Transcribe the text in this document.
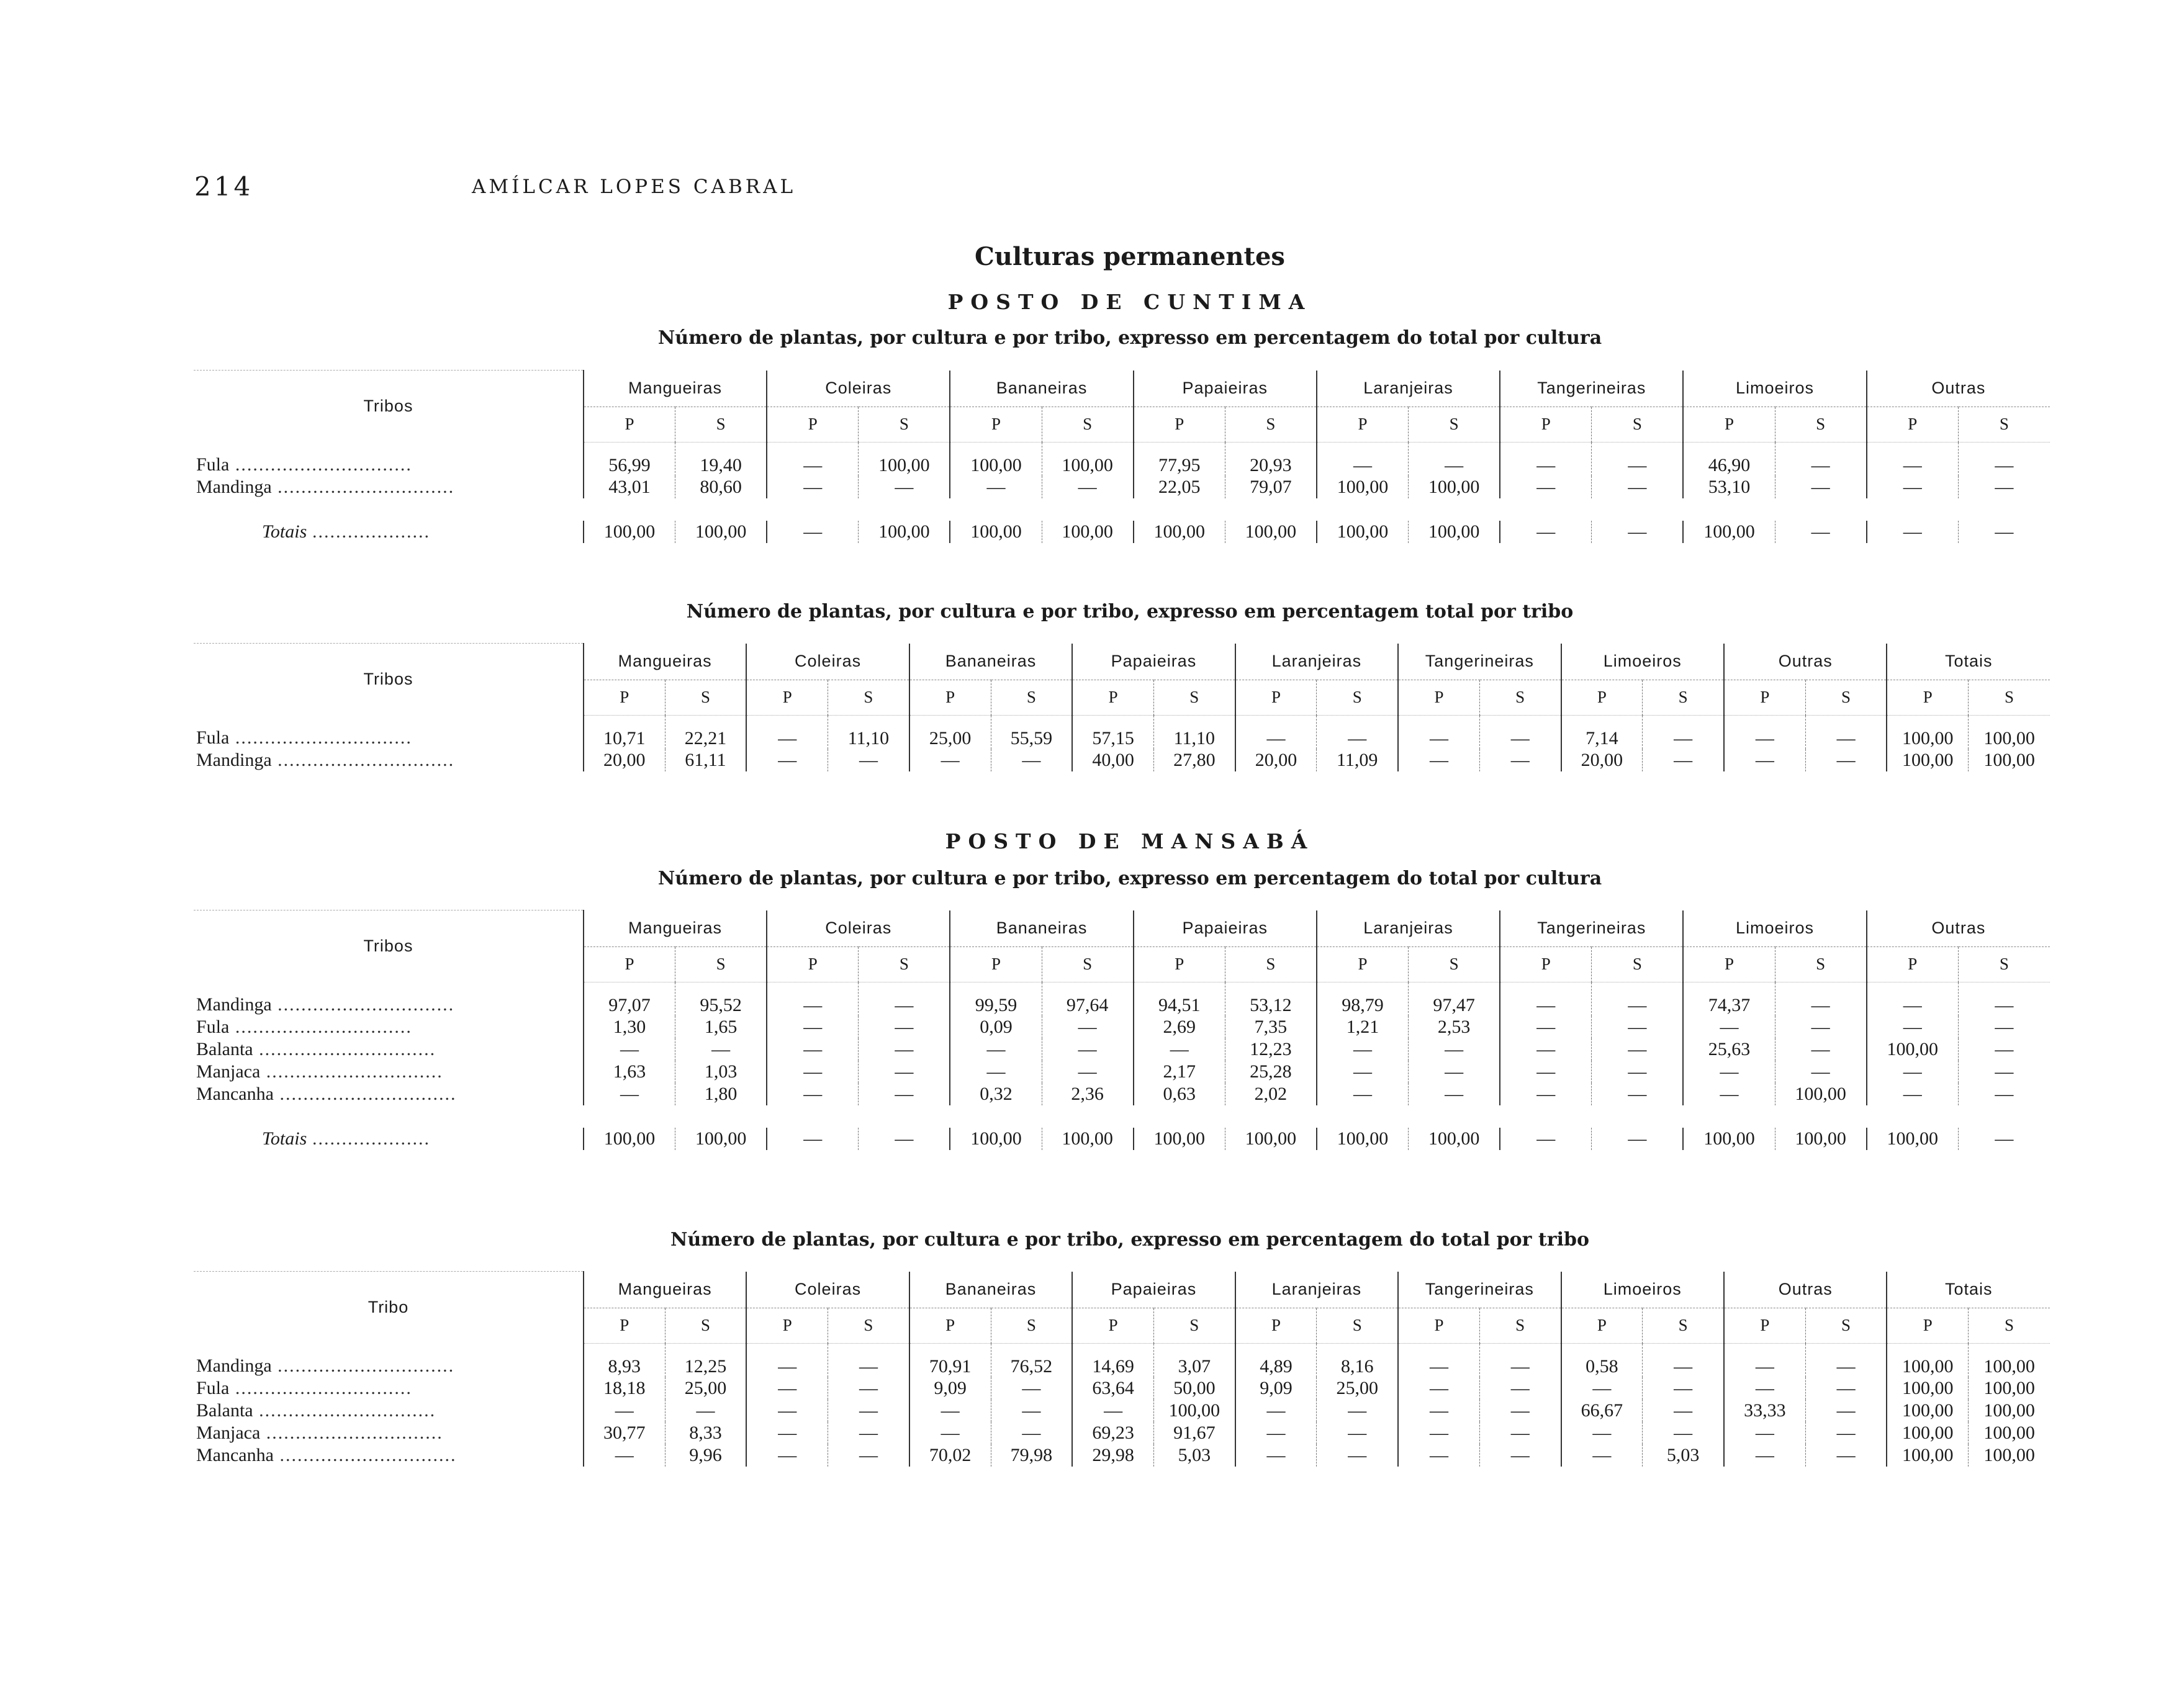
214	AMÍLCAR LOPES CABRAL
Culturas permanentes
POSTO DE CUNTIMA
Número de plantas, por cultura e por tribo, expresso em percentagem do total por cultura
Tribos	Mangueiras		Coleiras		Bananeiras		Papaieiras		Laranjeiras		Tangerineiras		Limoeiros		Outras	
	P	S	P	S	P	S	P	S	P	S	P	S	P	S	P	S
Fula ..............................	56,99	19,40	—	100,00	100,00	100,00	77,95	20,93	—	—	—	—	46,90	—	—	—
Mandinga ..............................	43,01	80,60	—	—	—	—	22,05	79,07	100,00	100,00	—	—	53,10	—	—	—

Totais ....................	100,00	100,00	—	100,00	100,00	100,00	100,00	100,00	100,00	100,00	—	—	100,00	—	—	—
Número de plantas, por cultura e por tribo, expresso em percentagem total por tribo
Tribos	Mangueiras		Coleiras		Bananeiras		Papaieiras		Laranjeiras		Tangerineiras		Limoeiros		Outras		Totais	
	P	S	P	S	P	S	P	S	P	S	P	S	P	S	P	S	P	S
Fula ..............................	10,71	22,21	—	11,10	25,00	55,59	57,15	11,10	—	—	—	—	7,14	—	—	—	100,00	100,00
Mandinga ..............................	20,00	61,11	—	—	—	—	40,00	27,80	20,00	11,09	—	—	20,00	—	—	—	100,00	100,00
POSTO DE MANSABÁ
Número de plantas, por cultura e por tribo, expresso em percentagem do total por cultura
Tribos	Mangueiras		Coleiras		Bananeiras		Papaieiras		Laranjeiras		Tangerineiras		Limoeiros		Outras	
	P	S	P	S	P	S	P	S	P	S	P	S	P	S	P	S
Mandinga ..............................	97,07	95,52	—	—	99,59	97,64	94,51	53,12	98,79	97,47	—	—	74,37	—	—	—
Fula ..............................	1,30	1,65	—	—	0,09	—	2,69	7,35	1,21	2,53	—	—	—	—	—	—
Balanta ..............................	—	—	—	—	—	—	—	12,23	—	—	—	—	25,63	—	100,00	—
Manjaca ..............................	1,63	1,03	—	—	—	—	2,17	25,28	—	—	—	—	—	—	—	—
Mancanha ..............................	—	1,80	—	—	0,32	2,36	0,63	2,02	—	—	—	—	—	100,00	—	—

Totais ....................	100,00	100,00	—	—	100,00	100,00	100,00	100,00	100,00	100,00	—	—	100,00	100,00	100,00	—
Número de plantas, por cultura e por tribo, expresso em percentagem do total por tribo
Tribo	Mangueiras		Coleiras		Bananeiras		Papaieiras		Laranjeiras		Tangerineiras		Limoeiros		Outras		Totais	
	P	S	P	S	P	S	P	S	P	S	P	S	P	S	P	S	P	S
Mandinga ..............................	8,93	12,25	—	—	70,91	76,52	14,69	3,07	4,89	8,16	—	—	0,58	—	—	—	100,00	100,00
Fula ..............................	18,18	25,00	—	—	9,09	—	63,64	50,00	9,09	25,00	—	—	—	—	—	—	100,00	100,00
Balanta ..............................	—	—	—	—	—	—	—	100,00	—	—	—	—	66,67	—	33,33	—	100,00	100,00
Manjaca ..............................	30,77	8,33	—	—	—	—	69,23	91,67	—	—	—	—	—	—	—	—	100,00	100,00
Mancanha ..............................	—	9,96	—	—	70,02	79,98	29,98	5,03	—	—	—	—	—	5,03	—	—	100,00	100,00
